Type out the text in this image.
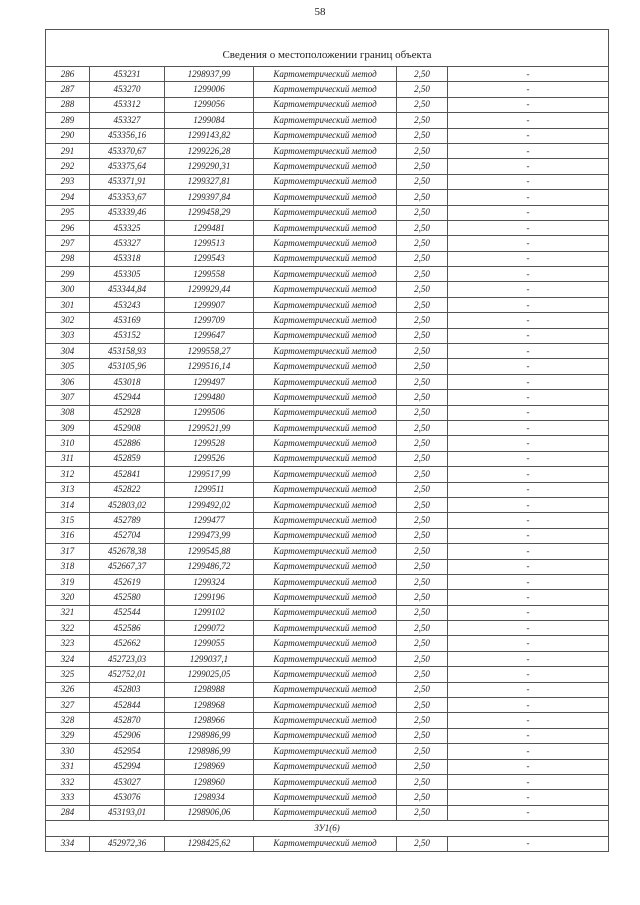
58
Сведения о местоположении границ объекта					
286	453231	1298937,99	Картометрический метод	2,50	-
287	453270	1299006	Картометрический метод	2,50	-
288	453312	1299056	Картометрический метод	2,50	-
289	453327	1299084	Картометрический метод	2,50	-
290	453356,16	1299143,82	Картометрический метод	2,50	-
291	453370,67	1299226,28	Картометрический метод	2,50	-
292	453375,64	1299290,31	Картометрический метод	2,50	-
293	453371,91	1299327,81	Картометрический метод	2,50	-
294	453353,67	1299397,84	Картометрический метод	2,50	-
295	453339,46	1299458,29	Картометрический метод	2,50	-
296	453325	1299481	Картометрический метод	2,50	-
297	453327	1299513	Картометрический метод	2,50	-
298	453318	1299543	Картометрический метод	2,50	-
299	453305	1299558	Картометрический метод	2,50	-
300	453344,84	1299929,44	Картометрический метод	2,50	-
301	453243	1299907	Картометрический метод	2,50	-
302	453169	1299709	Картометрический метод	2,50	-
303	453152	1299647	Картометрический метод	2,50	-
304	453158,93	1299558,27	Картометрический метод	2,50	-
305	453105,96	1299516,14	Картометрический метод	2,50	-
306	453018	1299497	Картометрический метод	2,50	-
307	452944	1299480	Картометрический метод	2,50	-
308	452928	1299506	Картометрический метод	2,50	-
309	452908	1299521,99	Картометрический метод	2,50	-
310	452886	1299528	Картометрический метод	2,50	-
311	452859	1299526	Картометрический метод	2,50	-
312	452841	1299517,99	Картометрический метод	2,50	-
313	452822	1299511	Картометрический метод	2,50	-
314	452803,02	1299492,02	Картометрический метод	2,50	-
315	452789	1299477	Картометрический метод	2,50	-
316	452704	1299473,99	Картометрический метод	2,50	-
317	452678,38	1299545,88	Картометрический метод	2,50	-
318	452667,37	1299486,72	Картометрический метод	2,50	-
319	452619	1299324	Картометрический метод	2,50	-
320	452580	1299196	Картометрический метод	2,50	-
321	452544	1299102	Картометрический метод	2,50	-
322	452586	1299072	Картометрический метод	2,50	-
323	452662	1299055	Картометрический метод	2,50	-
324	452723,03	1299037,1	Картометрический метод	2,50	-
325	452752,01	1299025,05	Картометрический метод	2,50	-
326	452803	1298988	Картометрический метод	2,50	-
327	452844	1298968	Картометрический метод	2,50	-
328	452870	1298966	Картометрический метод	2,50	-
329	452906	1298986,99	Картометрический метод	2,50	-
330	452954	1298986,99	Картометрический метод	2,50	-
331	452994	1298969	Картометрический метод	2,50	-
332	453027	1298960	Картометрический метод	2,50	-
333	453076	1298934	Картометрический метод	2,50	-
284	453193,01	1298906,06	Картометрический метод	2,50	-
ЗУ1(6)					
334	452972,36	1298425,62	Картометрический метод	2,50	-
